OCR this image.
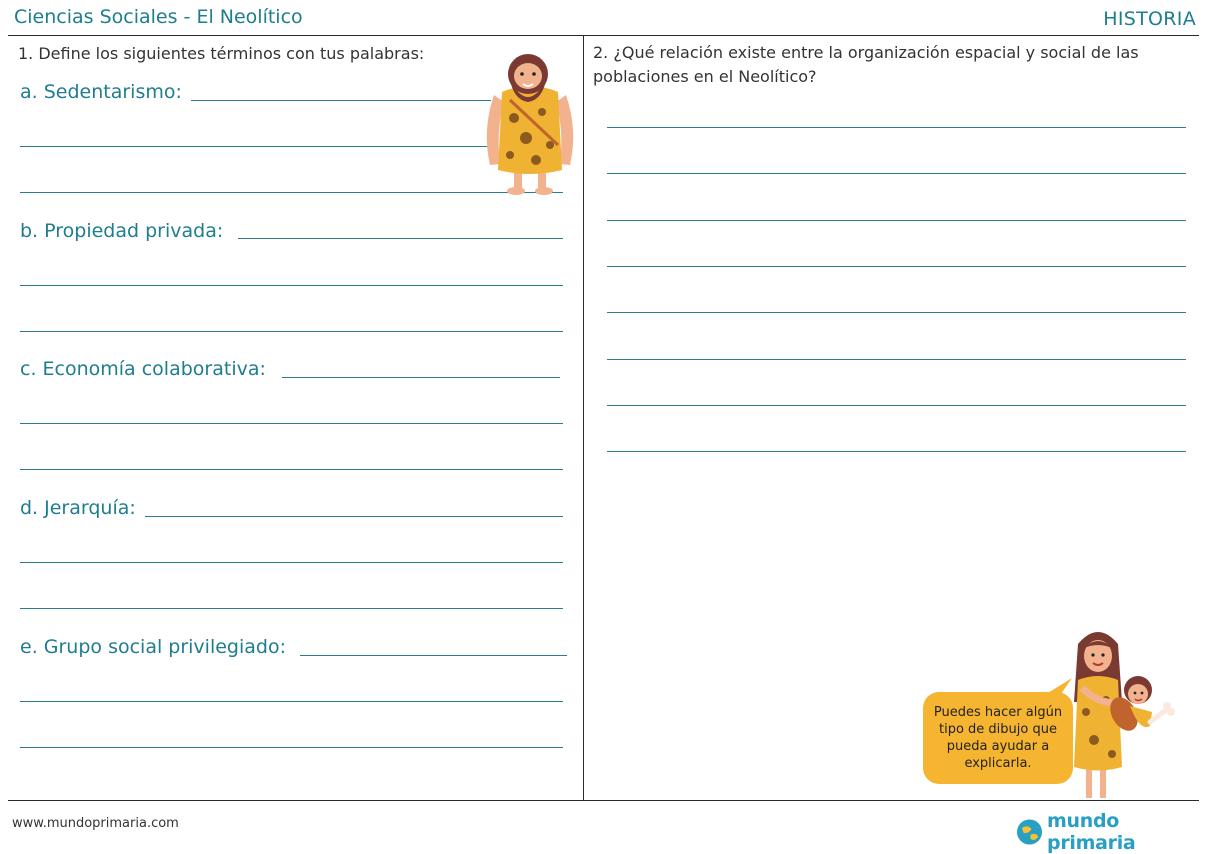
Ciencias Sociales - El Neolítico	HISTORIA
1. Define los siguientes términos con tus palabras:
a. Sedentarismo:
b. Propiedad privada:
c. Economía colaborativa:
d. Jerarquía:
e. Grupo social privilegiado:
2. ¿Qué relación existe entre la organización espacial y social de las poblaciones en el Neolítico?
Puedes hacer algún tipo de dibujo que pueda ayudar a explicarla.
www.mundoprimaria.com	mundo primaria
